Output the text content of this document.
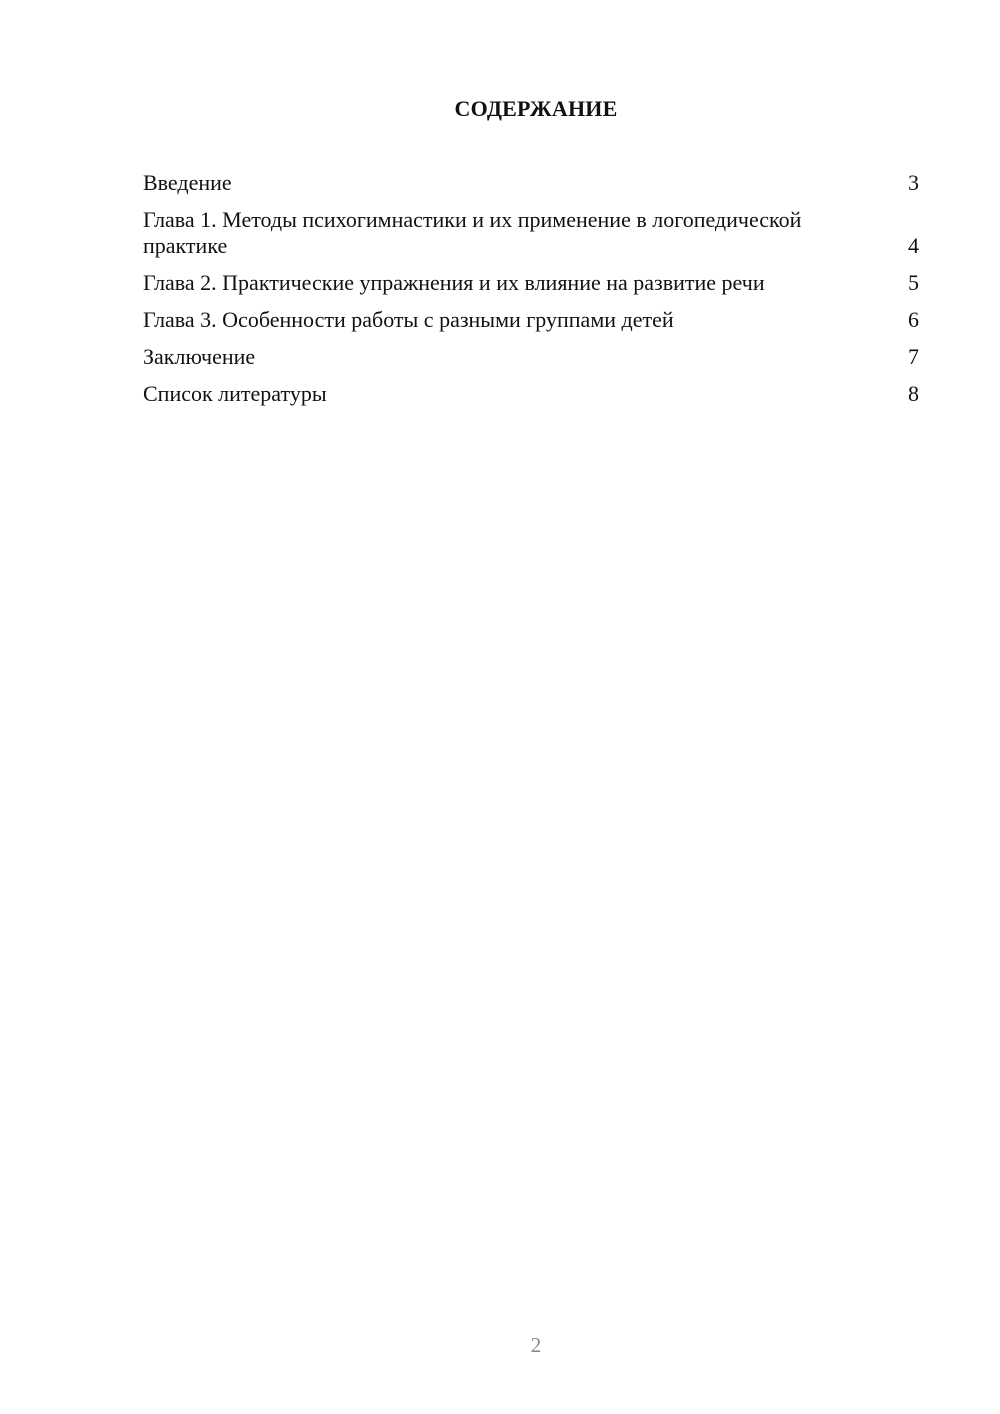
СОДЕРЖАНИЕ
Введение	3
Глава 1. Методы психогимнастики и их применение в логопедической практике	4
Глава 2. Практические упражнения и их влияние на развитие речи	5
Глава 3. Особенности работы с разными группами детей	6
Заключение	7
Список литературы	8
2
